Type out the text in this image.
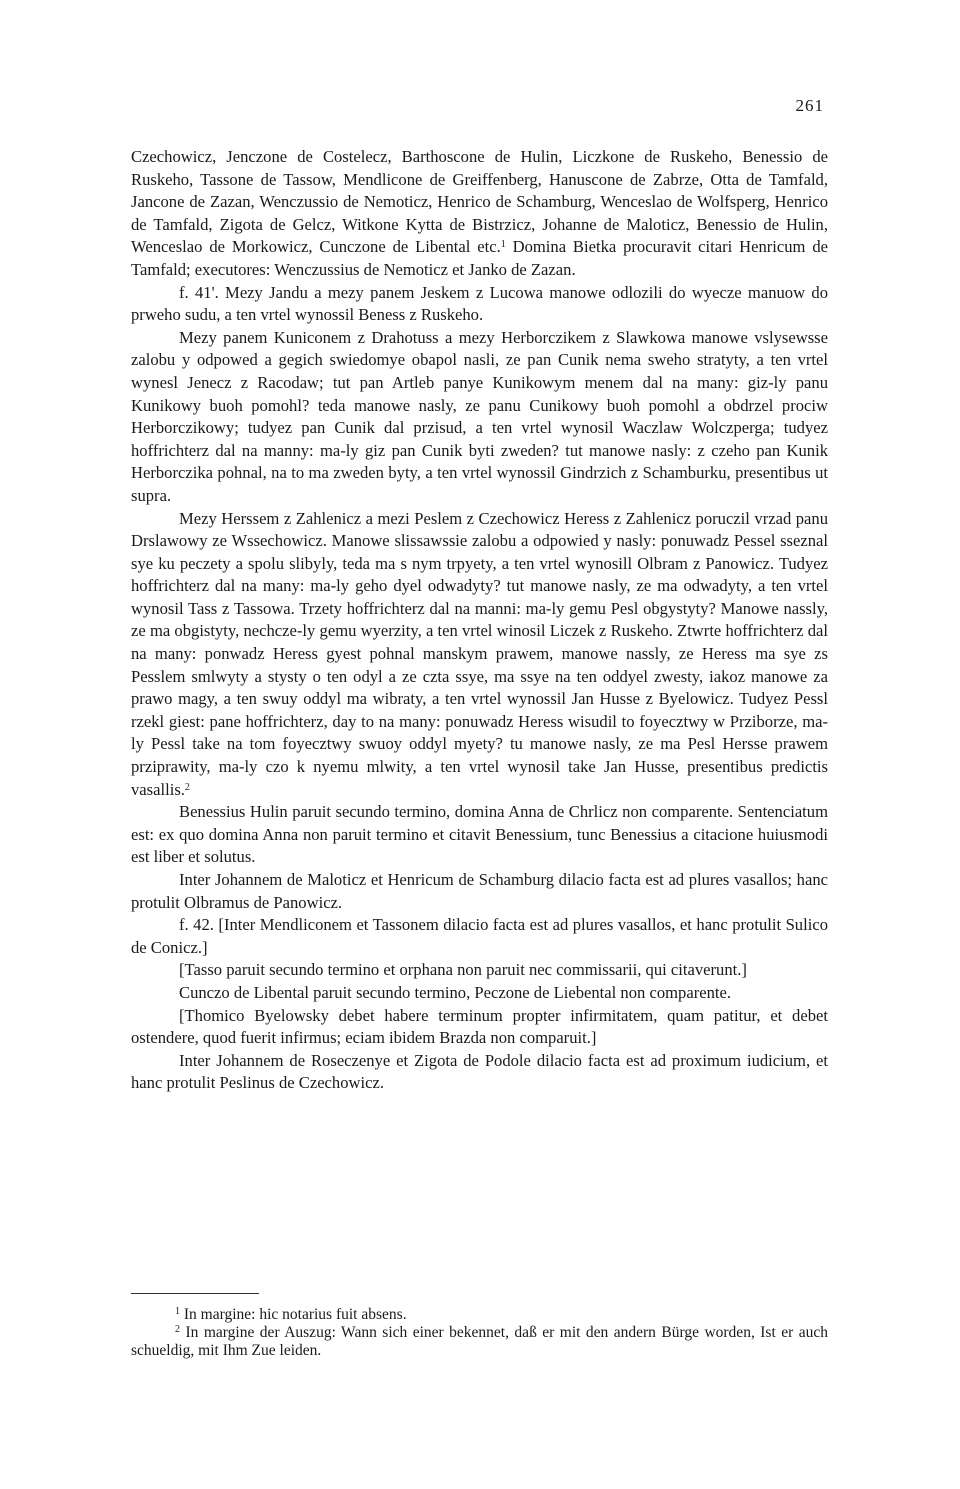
261

Czechowicz, Jenczone de Costelecz, Barthoscone de Hulin, Liczkone de Ruskeho, Benessio de Ruskeho, Tassone de Tassow, Mendlicone de Greiffenberg, Hanuscone de Zabrze, Otta de Tamfald, Jancone de Zazan, Wenczussio de Nemoticz, Henrico de Schamburg, Wenceslao de Wolfsperg, Henrico de Tamfald, Zigota de Gelcz, Witkone Kytta de Bistrzicz, Johanne de Maloticz, Benessio de Hulin, Wenceslao de Morkowicz, Cunczone de Libental etc.$^1$ Domina Bietka procuravit citari Henricum de Tamfald; executores: Wenczussius de Nemoticz et Janko de Zazan.

f. 41'. Mezy Jandu a mezy panem Jeskem z Lucowa manowe odlozili do wyecze manuow do prweho sudu, a ten vrtel wynossil Beness z Ruskeho.

Mezy panem Kuniconem z Drahotuss a mezy Herborczikem z Slawkowa manowe vslysewsse zalobu y odpowed a gegich swiedomye obapol nasli, ze pan Cunik nema sweho stratyty, a ten vrtel wynesl Jenecz z Racodaw; tut pan Artleb panye Kunikowym menem dal na many: giz-ly panu Kunikowy buoh pomohl? teda manowe nasly, ze panu Cunikowy buoh pomohl a obdrzel prociw Herborczikowy; tudyez pan Cunik dal przisud, a ten vrtel wynosil Waczlaw Wolczperga; tudyez hoffrichterz dal na manny: ma-ly giz pan Cunik byti zweden? tut manowe nasly: z czeho pan Kunik Herborczika pohnal, na to ma zweden byty, a ten vrtel wynossil Gindrzich z Schamburku, presentibus ut supra.

Mezy Herssem z Zahlenicz a mezi Peslem z Czechowicz Heress z Zahlenicz poruczil vrzad panu Drslawowy ze Wssechowicz. Manowe slissawssie zalobu a odpowied y nasly: ponuwadz Pessel sseznal sye ku peczety a spolu slibyly, teda ma s nym trpyety, a ten vrtel wynosill Olbram z Panowicz. Tudyez hoffrichterz dal na many: ma-ly geho dyel odwadyty? tut manowe nasly, ze ma odwadyty, a ten vrtel wynosil Tass z Tassowa. Trzety hoffrichterz dal na manni: ma-ly gemu Pesl obgystyty? Manowe nassly, ze ma obgistyty, nechcze-ly gemu wyerzity, a ten vrtel winosil Liczek z Ruskeho. Ztwrte hoffrichterz dal na many: ponwadz Heress gyest pohnal manskym prawem, manowe nassly, ze Heress ma sye zs Pesslem smlwyty a stysty o ten odyl a ze czta ssye, ma ssye na ten oddyel zwesty, iakoz manowe za prawo magy, a ten swuy oddyl ma wibraty, a ten vrtel wynossil Jan Husse z Byelowicz. Tudyez Pessl rzekl giest: pane hoffrichterz, day to na many: ponuwadz Heress wisudil to foyecztwy w Prziborze, ma-ly Pessl take na tom foyecztwy swuoy oddyl myety? tu manowe nasly, ze ma Pesl Hersse prawem prziprawity, ma-ly czo k nyemu mlwity, a ten vrtel wynosil take Jan Husse, presentibus predictis vasallis.$^2$

Benessius Hulin paruit secundo termino, domina Anna de Chrlicz non comparente. Sentenciatum est: ex quo domina Anna non paruit termino et citavit Benessium, tunc Benessius a citacione huiusmodi est liber et solutus.

Inter Johannem de Maloticz et Henricum de Schamburg dilacio facta est ad plures vasallos; hanc protulit Olbramus de Panowicz.

f. 42. [Inter Mendliconem et Tassonem dilacio facta est ad plures vasallos, et hanc protulit Sulico de Conicz.]

[Tasso paruit secundo termino et orphana non paruit nec commissarii, qui citaverunt.]

Cunczo de Libental paruit secundo termino, Peczone de Liebental non comparente.

[Thomico Byelowsky debet habere terminum propter infirmitatem, quam patitur, et debet ostendere, quod fuerit infirmus; eciam ibidem Brazda non comparuit.]

Inter Johannem de Roseczenye et Zigota de Podole dilacio facta est ad proximum iudicium, et hanc protulit Peslinus de Czechowicz.

$^1$ In margine: hic notarius fuit absens.

$^2$ In margine der Auszug: Wann sich einer bekennet, daß er mit den andern Bürge worden, Ist er auch schueldig, mit Ihm Zue leiden.
